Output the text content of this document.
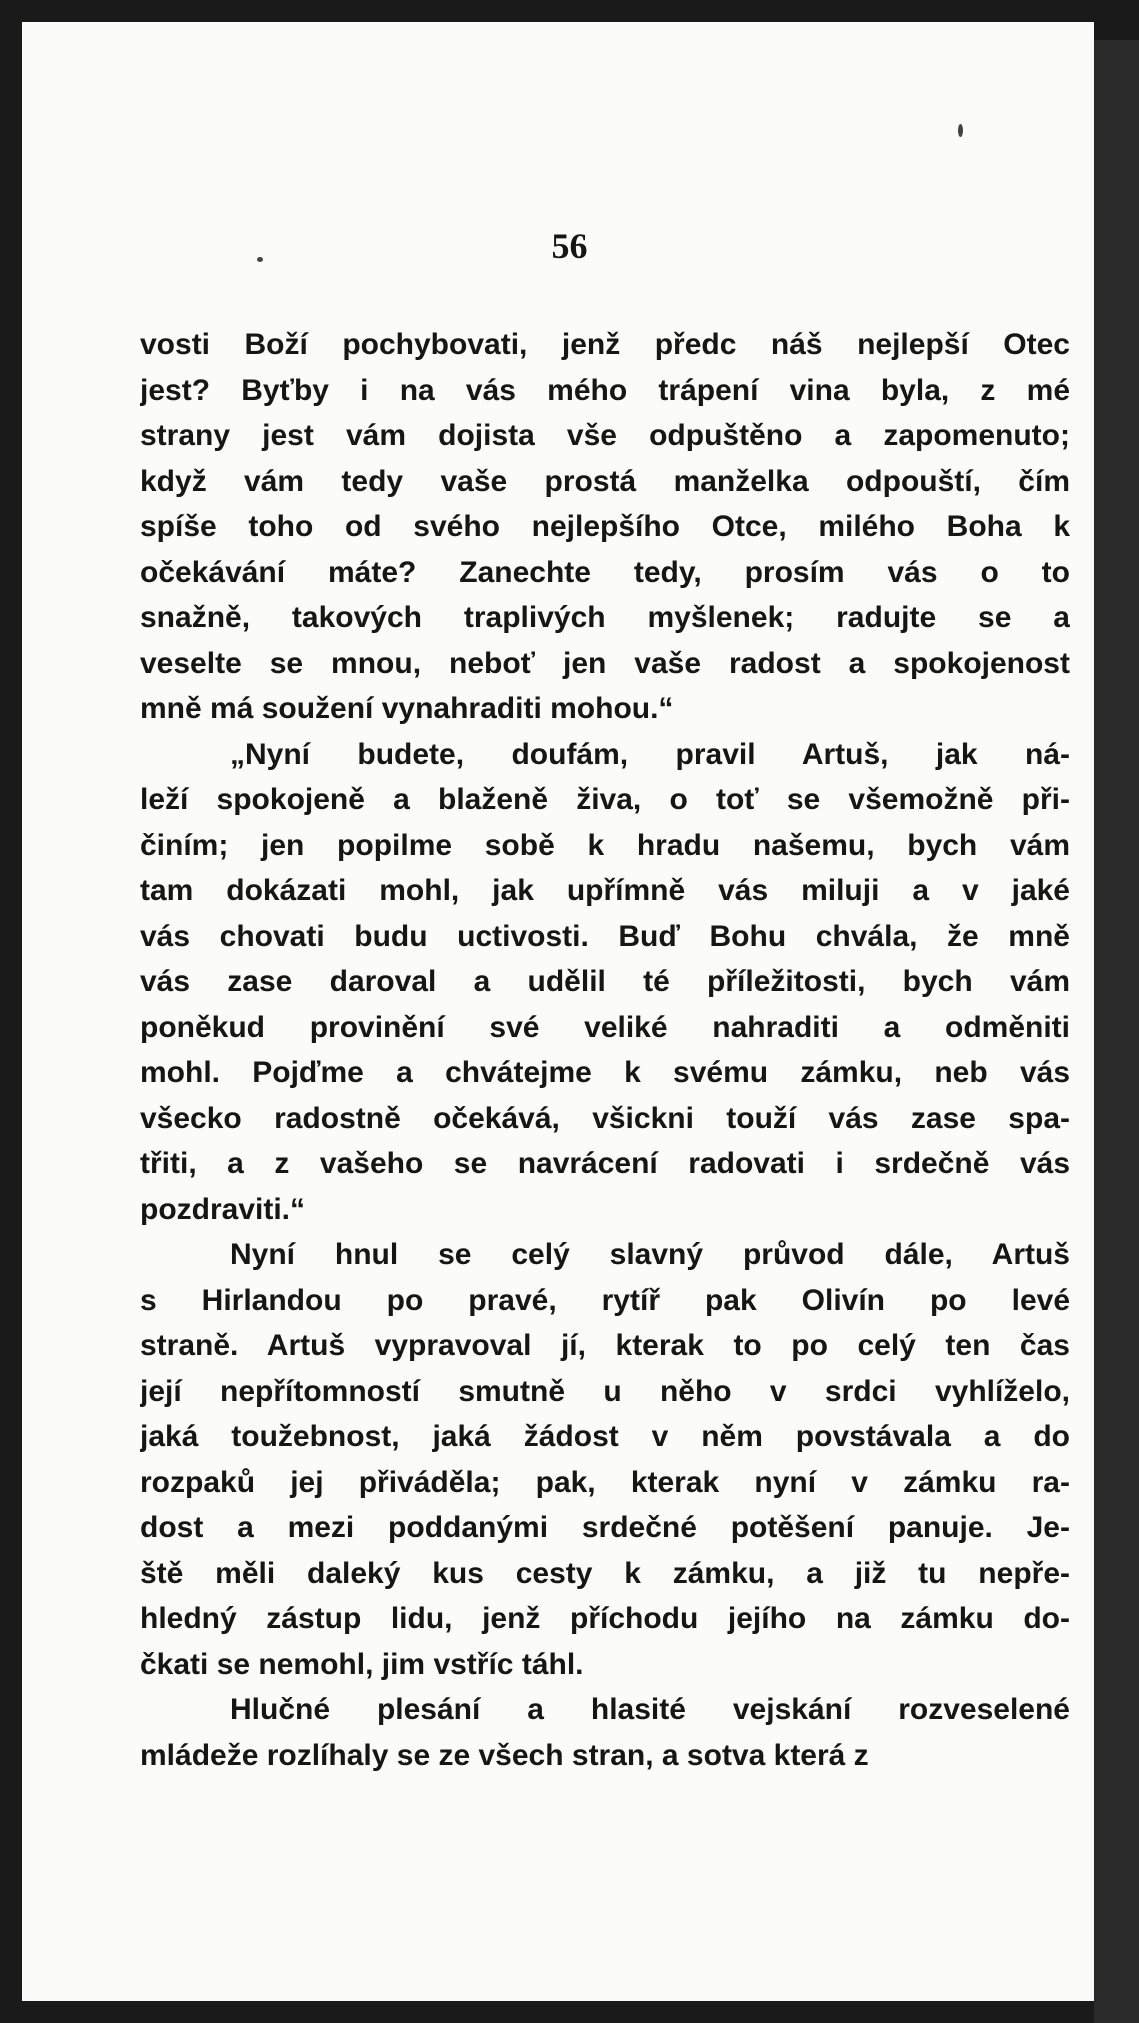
56
vosti Boží pochybovati, jenž předc náš nejlepší Otec
jest? Byťby i na vás mého trápení vina byla, z mé
strany jest vám dojista vše odpuštěno a zapomenuto;
když vám tedy vaše prostá manželka odpouští, čím
spíše toho od svého nejlepšího Otce, milého Boha k
očekávání máte? Zanechte tedy, prosím vás o to
snažně, takových traplivých myšlenek; radujte se a
veselte se mnou, neboť jen vaše radost a spokojenost
mně má soužení vynahraditi mohou.“
„Nyní budete, doufám, pravil Artuš, jak ná-
leží spokojeně a blaženě živa, o toť se všemožně při-
činím; jen popilme sobě k hradu našemu, bych vám
tam dokázati mohl, jak upřímně vás miluji a v jaké
vás chovati budu uctivosti. Buď Bohu chvála, že mně
vás zase daroval a udělil té příležitosti, bych vám
poněkud provinění své veliké nahraditi a odměniti
mohl. Pojďme a chvátejme k svému zámku, neb vás
všecko radostně očekává, všickni touží vás zase spa-
třiti, a z vašeho se navrácení radovati i srdečně vás
pozdraviti.“
Nyní hnul se celý slavný průvod dále, Artuš
s Hirlandou po pravé, rytíř pak Olivín po levé
straně. Artuš vypravoval jí, kterak to po celý ten čas
její nepřítomností smutně u něho v srdci vyhlíželo,
jaká toužebnost, jaká žádost v něm povstávala a do
rozpaků jej přiváděla; pak, kterak nyní v zámku ra-
dost a mezi poddanými srdečné potěšení panuje. Je-
ště měli daleký kus cesty k zámku, a již tu nepře-
hledný zástup lidu, jenž příchodu jejího na zámku do-
čkati se nemohl, jim vstříc táhl.
Hlučné plesání a hlasité vejskání rozveselené
mládeže rozlíhaly se ze všech stran, a sotva která z
